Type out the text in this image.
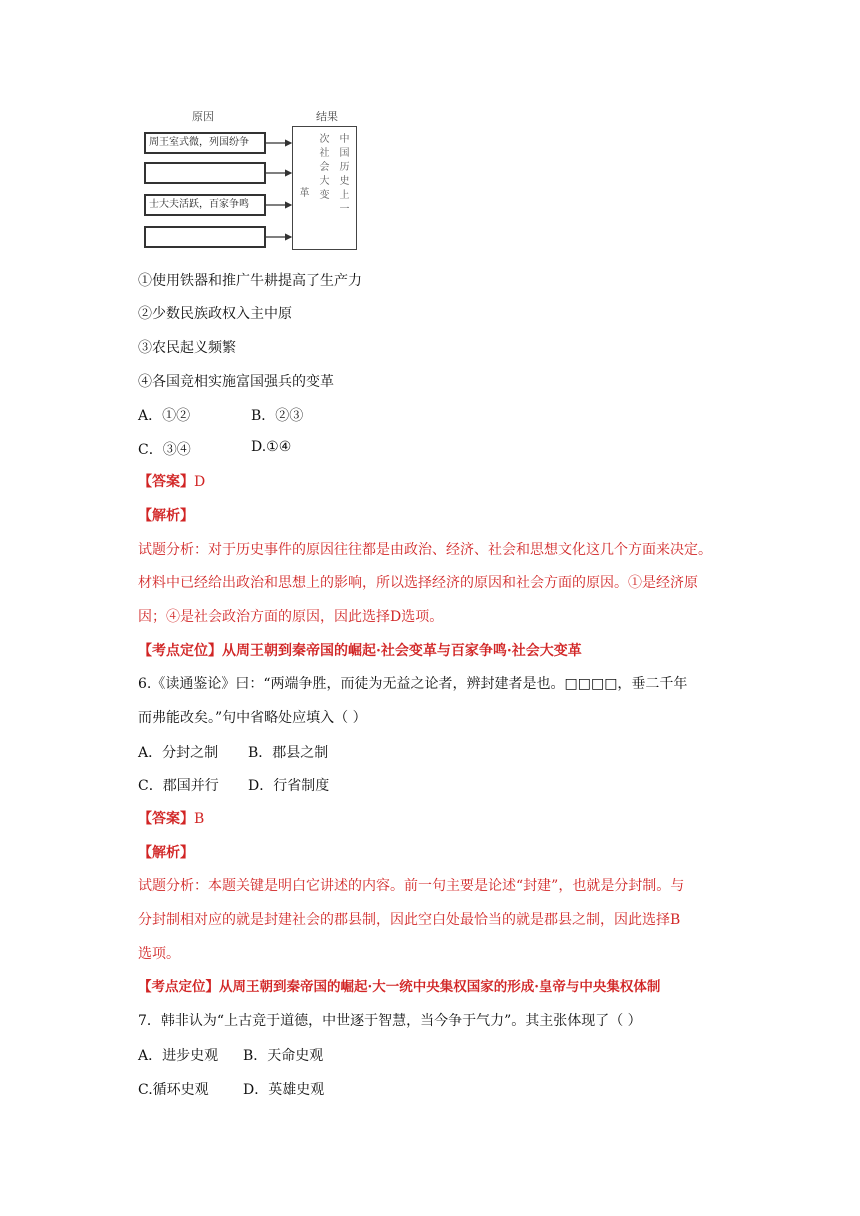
原因	结果
周王室式微，列国纷争
士大夫活跃，百家争鸣	中国历史上一
次社会大变
革
①使用铁器和推广牛耕提高了生产力
②少数民族政权入主中原
③农民起义频繁
④各国竞相实施富国强兵的变革
A．①②	B．②③
C．③④	D.①④
【答案】D
【解析】
试题分析：对于历史事件的原因往往都是由政治、经济、社会和思想文化这几个方面来决定。
材料中已经给出政治和思想上的影响，所以选择经济的原因和社会方面的原因。①是经济原
因；④是社会政治方面的原因，因此选择D选项。
【考点定位】从周王朝到秦帝国的崛起·社会变革与百家争鸣·社会大变革
6.《读通鉴论》曰：“两端争胜，而徒为无益之论者，辨封建者是也。□□□□，垂二千年
而弗能改矣。”句中省略处应填入（ ）
A．分封之制 B．郡县之制
C．郡国并行 D．行省制度
【答案】B
【解析】
试题分析：本题关键是明白它讲述的内容。前一句主要是论述“封建”，也就是分封制。与
分封制相对应的就是封建社会的郡县制，因此空白处最恰当的就是郡县之制，因此选择B
选项。
【考点定位】从周王朝到秦帝国的崛起·大一统中央集权国家的形成·皇帝与中央集权体制
7．韩非认为“上古竞于道德，中世逐于智慧，当今争于气力”。其主张体现了（ ）
A．进步史观 B．天命史观
C.循环史观 D．英雄史观
